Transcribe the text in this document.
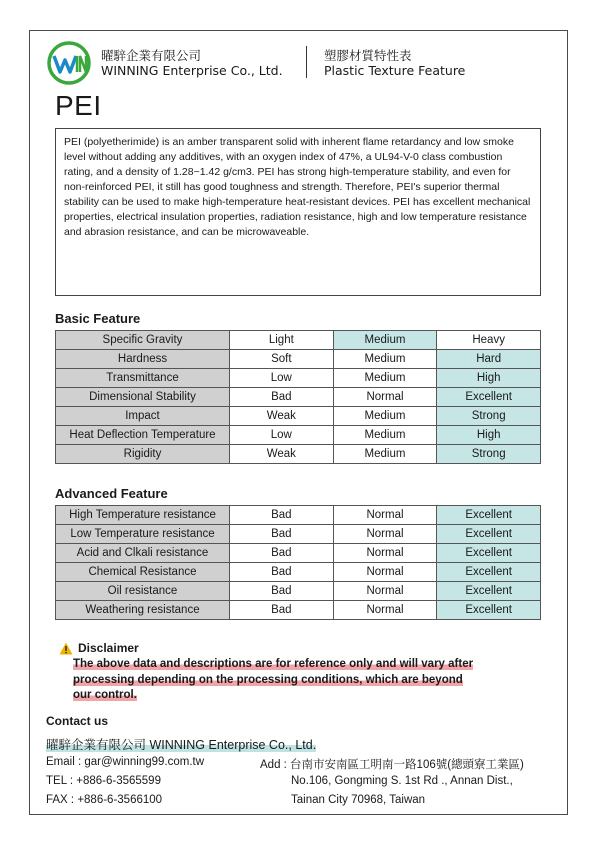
曜騂企業有限公司
WINNING Enterprise Co., Ltd.
塑膠材質特性表
Plastic Texture Feature
PEI
PEI (polyetherimide) is an amber transparent solid with inherent flame retardancy and low smoke level without adding any additives, with an oxygen index of 47%, a UL94-V-0 class combustion rating, and a density of 1.28~1.42 g/cm3. PEI has strong high-temperature stability, and even for non-reinforced PEI, it still has good toughness and strength. Therefore, PEI's superior thermal stability can be used to make high-temperature heat-resistant devices. PEI has excellent mechanical properties, electrical insulation properties, radiation resistance, high and low temperature resistance and abrasion resistance, and can be microwaveable.
Basic Feature
Specific Gravity	Light	Medium	Heavy
Hardness	Soft	Medium	Hard
Transmittance	Low	Medium	High
Dimensional Stability	Bad	Normal	Excellent
Impact	Weak	Medium	Strong
Heat Deflection Temperature	Low	Medium	High
Rigidity	Weak	Medium	Strong
Advanced Feature
High Temperature resistance	Bad	Normal	Excellent
Low Temperature resistance	Bad	Normal	Excellent
Acid and Clkali resistance	Bad	Normal	Excellent
Chemical Resistance	Bad	Normal	Excellent
Oil resistance	Bad	Normal	Excellent
Weathering resistance	Bad	Normal	Excellent
Disclaimer
The above data and descriptions are for reference only and will vary after
processing depending on the processing conditions, which are beyond
our control.
Contact us
曜騂企業有限公司 WINNING Enterprise Co., Ltd.
Email : gar@winning99.com.tw
TEL : +886-6-3565599
FAX : +886-6-3566100
Add : 台南市安南區工明南一路106號(總頭寮工業區)
No.106, Gongming S. 1st Rd ., Annan Dist.,
Tainan City 70968, Taiwan
